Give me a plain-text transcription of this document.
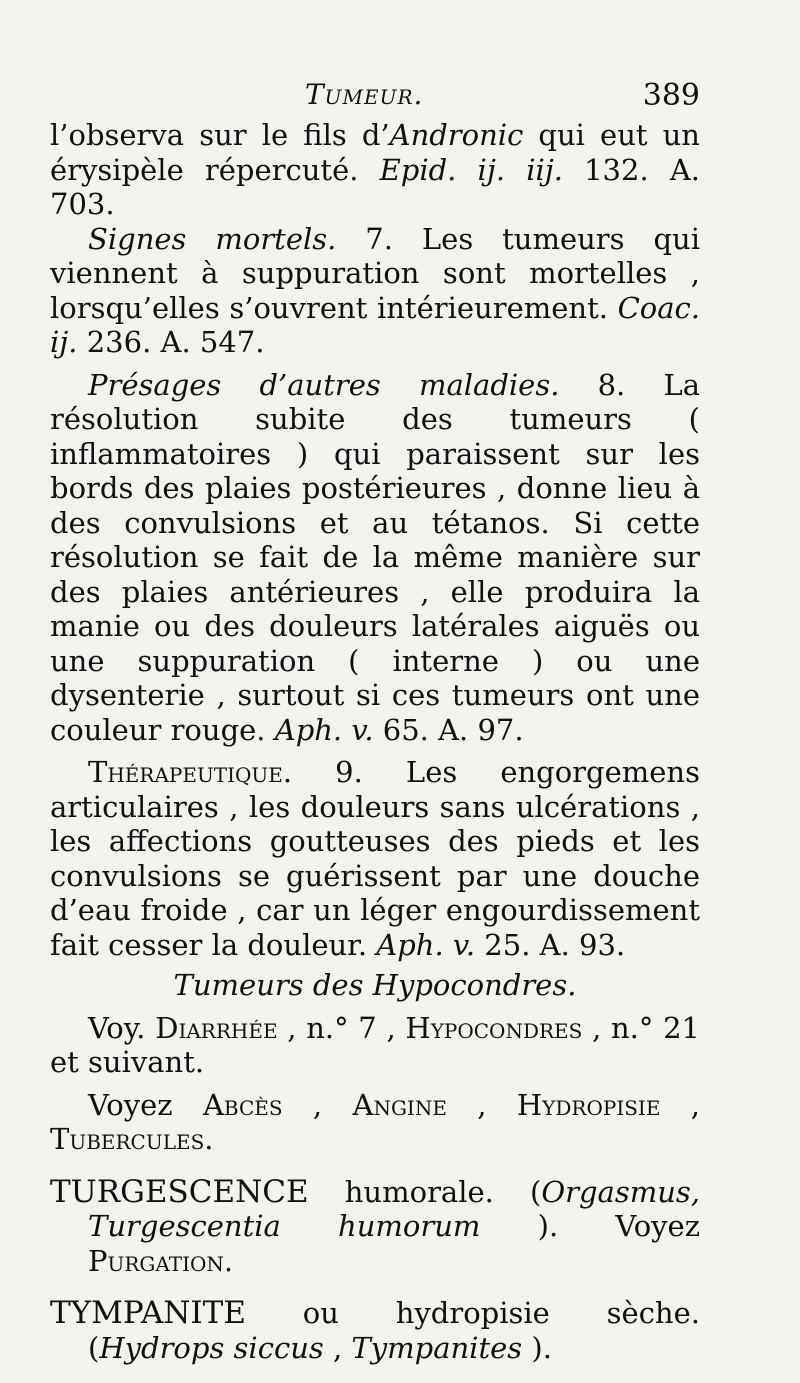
Tumeur.	389

l’observa sur le fils d’Andronic qui eut un érysipèle répercuté. Epid. ij. iij. 132. A. 703.

Signes mortels. 7. Les tumeurs qui viennent à suppuration sont mortelles , lorsqu’elles s’ouvrent intérieurement. Coac. ij. 236. A. 547.

Présages d’autres maladies. 8. La résolution subite des tumeurs ( inflammatoires ) qui paraissent sur les bords des plaies postérieures , donne lieu à des convulsions et au tétanos. Si cette résolution se fait de la même manière sur des plaies antérieures , elle produira la manie ou des douleurs latérales aiguës ou une suppuration ( interne ) ou une dysenterie , surtout si ces tumeurs ont une couleur rouge. Aph. v. 65. A. 97.

Thérapeutique. 9. Les engorgemens articulaires , les douleurs sans ulcérations , les affections goutteuses des pieds et les convulsions se guérissent par une douche d’eau froide , car un léger engourdissement fait cesser la douleur. Aph. v. 25. A. 93.

Tumeurs des Hypocondres.

Voy. Diarrhée , n.° 7 , Hypocondres , n.° 21 et suivant.

Voyez Abcès , Angine , Hydropisie , Tubercules.

TURGESCENCE humorale. (Orgasmus, Turgescentia humorum ). Voyez Purgation.

TYMPANITE ou hydropisie sèche. (Hydrops siccus , Tympanites ).
